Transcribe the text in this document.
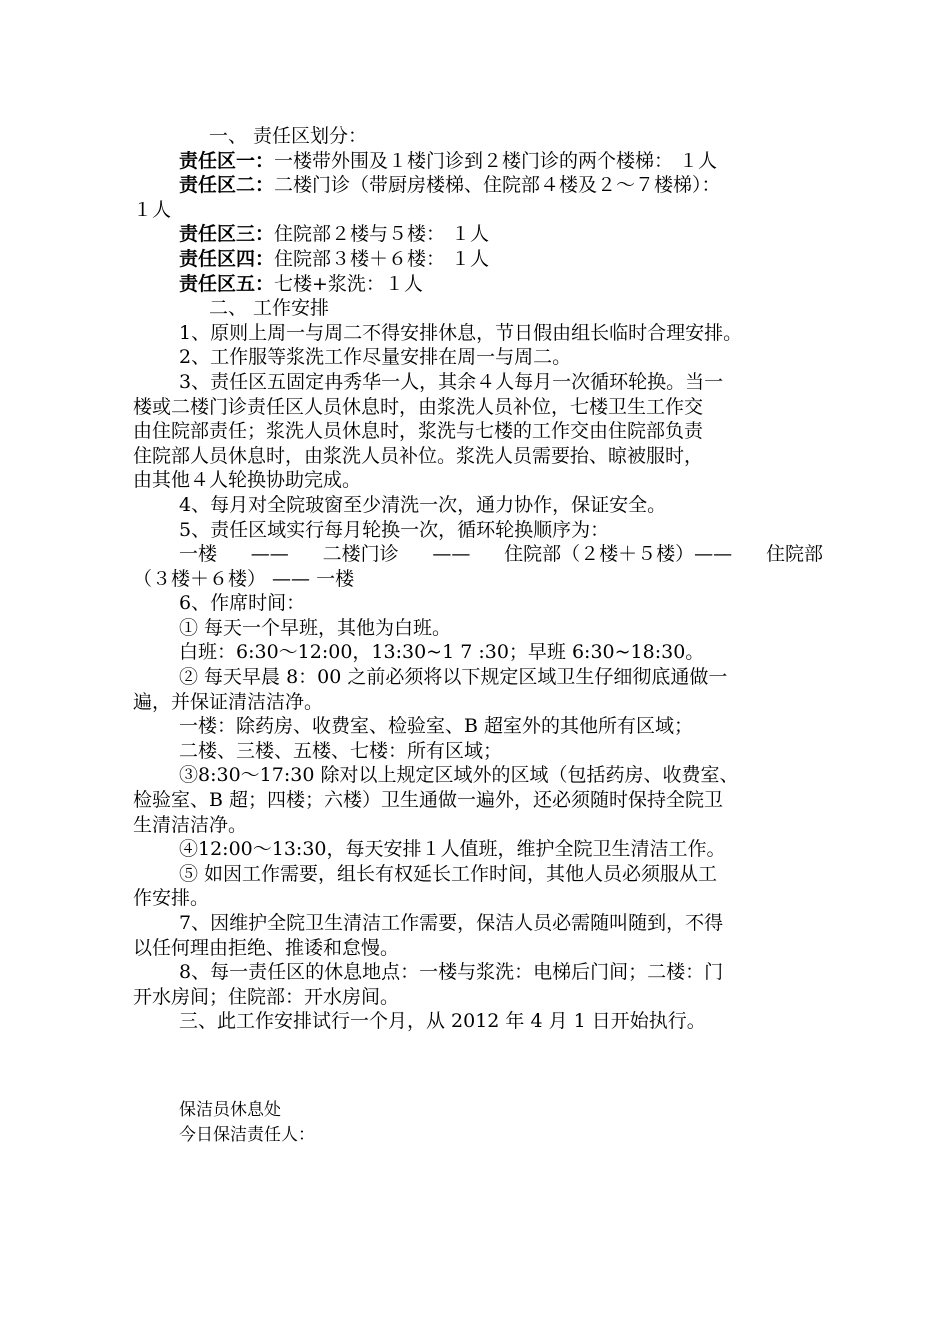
一、 责任区划分：
责任区一：一楼带外围及１楼门诊到２楼门诊的两个楼梯： １人
责任区二：二楼门诊（带厨房楼梯、住院部４楼及２～７楼梯）：
１人
责任区三：住院部２楼与５楼： １人
责任区四：住院部３楼＋６楼： １人
责任区五：七楼+浆洗：１人
二、 工作安排
1、原则上周一与周二不得安排休息，节日假由组长临时合理安排。
2、工作服等浆洗工作尽量安排在周一与周二。
3、责任区五固定冉秀华一人，其余４人每月一次循环轮换。当一
楼或二楼门诊责任区人员休息时，由浆洗人员补位，七楼卫生工作交
由住院部责任；浆洗人员休息时，浆洗与七楼的工作交由住院部负责
住院部人员休息时，由浆洗人员补位。浆洗人员需要抬、晾被服时，
由其他４人轮换协助完成。
4、每月对全院玻窗至少清洗一次，通力协作，保证安全。
5、责任区域实行每月轮换一次，循环轮换顺序为：
一楼 —— 二楼门诊 —— 住院部（２楼＋５楼）—— 住院部
（３楼＋６楼） —— 一楼
6、作席时间：
① 每天一个早班，其他为白班。
白班：6:30～12:00，13:30~1 7 :30；早班 6:30~18:30。
② 每天早晨 8：00 之前必须将以下规定区域卫生仔细彻底通做一
遍，并保证清洁洁净。
一楼：除药房、收费室、检验室、B 超室外的其他所有区域；
二楼、三楼、五楼、七楼：所有区域；
③8:30～17:30 除对以上规定区域外的区域（包括药房、收费室、
检验室、B 超；四楼；六楼）卫生通做一遍外，还必须随时保持全院卫
生清洁洁净。
④12:00～13:30，每天安排１人值班，维护全院卫生清洁工作。
⑤ 如因工作需要，组长有权延长工作时间，其他人员必须服从工
作安排。
7、因维护全院卫生清洁工作需要，保洁人员必需随叫随到，不得
以任何理由拒绝、推诿和怠慢。
8、每一责任区的休息地点：一楼与浆洗：电梯后门间；二楼：门
开水房间；住院部：开水房间。
三、此工作安排试行一个月，从 2012 年 4 月 1 日开始执行。
保洁员休息处
今日保洁责任人：
